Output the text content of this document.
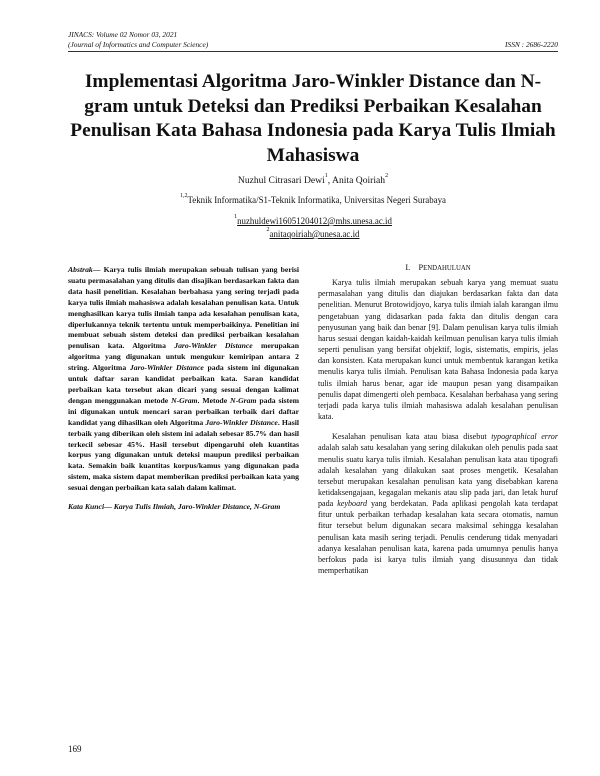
JINACS: Volume 02 Nomor 03, 2021
(Journal of Informatics and Computer Science)	ISSN : 2686-2220
Implementasi Algoritma Jaro-Winkler Distance dan N-gram untuk Deteksi dan Prediksi Perbaikan Kesalahan Penulisan Kata Bahasa Indonesia pada Karya Tulis Ilmiah Mahasiswa
Nuzhul Citrasari Dewi$^1$, Anita Qoiriah$^2$
$^{1,2}$Teknik Informatika/S1-Teknik Informatika, Universitas Negeri Surabaya
$^1$nuzhuldewi16051204012@mhs.unesa.ac.id
$^2$anitaqoiriah@unesa.ac.id
Abstrak— Karya tulis ilmiah merupakan sebuah tulisan yang berisi suatu permasalahan yang ditulis dan disajikan berdasarkan fakta dan data hasil penelitian. Kesalahan berbahasa yang sering terjadi pada karya tulis ilmiah mahasiswa adalah kesalahan penulisan kata. Untuk menghasilkan karya tulis ilmiah tanpa ada kesalahan penulisan kata, diperlukannya teknik tertentu untuk memperbaikinya. Penelitian ini membuat sebuah sistem deteksi dan prediksi perbaikan kesalahan penulisan kata. Algoritma Jaro-Winkler Distance merupakan algoritma yang digunakan untuk mengukur kemiripan antara 2 string. Algoritma Jaro-Winkler Distance pada sistem ini digunakan untuk daftar saran kandidat perbaikan kata. Saran kandidat perbaikan kata tersebut akan dicari yang sesuai dengan kalimat dengan menggunakan metode N-Gram. Metode N-Gram pada sistem ini digunakan untuk mencari saran perbaikan terbaik dari daftar kandidat yang dihasilkan oleh Algoritma Jaro-Winkler Distance. Hasil terbaik yang diberikan oleh sistem ini adalah sebesar 85.7% dan hasil terkecil sebesar 45%. Hasil tersebut dipengaruhi oleh kuantitas korpus yang digunakan untuk deteksi maupun prediksi perbaikan kata. Semakin baik kuantitas korpus/kamus yang digunakan pada sistem, maka sistem dapat memberikan prediksi perbaikan kata yang sesuai dengan perbaikan kata salah dalam kalimat.
Kata Kunci— Karya Tulis Ilmiah, Jaro-Winkler Distance, N-Gram
I. PENDAHULUAN

Karya tulis ilmiah merupakan sebuah karya yang memuat suatu permasalahan yang ditulis dan diajukan berdasarkan fakta dan data penelitian. Menurut Brotowidjoyo, karya tulis ilmiah ialah karangan ilmu pengetahuan yang didasarkan pada fakta dan ditulis dengan cara penyusunan yang baik dan benar [9]. Dalam penulisan karya tulis ilmiah harus sesuai dengan kaidah-kaidah keilmuan penulisan karya tulis ilmiah seperti penulisan yang bersifat objektif, logis, sistematis, empiris, jelas dan konsisten. Kata merupakan kunci untuk membentuk karangan ketika menulis karya tulis ilmiah. Penulisan kata Bahasa Indonesia pada karya tulis ilmiah harus benar, agar ide maupun pesan yang disampaikan penulis dapat dimengerti oleh pembaca. Kesalahan berbahasa yang sering terjadi pada karya tulis ilmiah mahasiswa adalah kesalahan penulisan kata.

Kesalahan penulisan kata atau biasa disebut typographical error adalah salah satu kesalahan yang sering dilakukan oleh penulis pada saat menulis suatu karya tulis ilmiah. Kesalahan penulisan kata atau tipografi adalah kesalahan yang dilakukan saat proses mengetik. Kesalahan tersebut merupakan kesalahan penulisan kata yang disebabkan karena ketidaksengajaan, kegagalan mekanis atau slip pada jari, dan letak huruf pada keyboard yang berdekatan. Pada aplikasi pengolah kata terdapat fitur untuk perbaikan terhadap kesalahan kata secara otomatis, namun fitur tersebut belum digunakan secara maksimal sehingga kesalahan penulisan kata masih sering terjadi. Penulis cenderung tidak menyadari adanya kesalahan penulisan kata, karena pada umumnya penulis hanya berfokus pada isi karya tulis ilmiah yang disusunnya dan tidak memperhatikan

169
